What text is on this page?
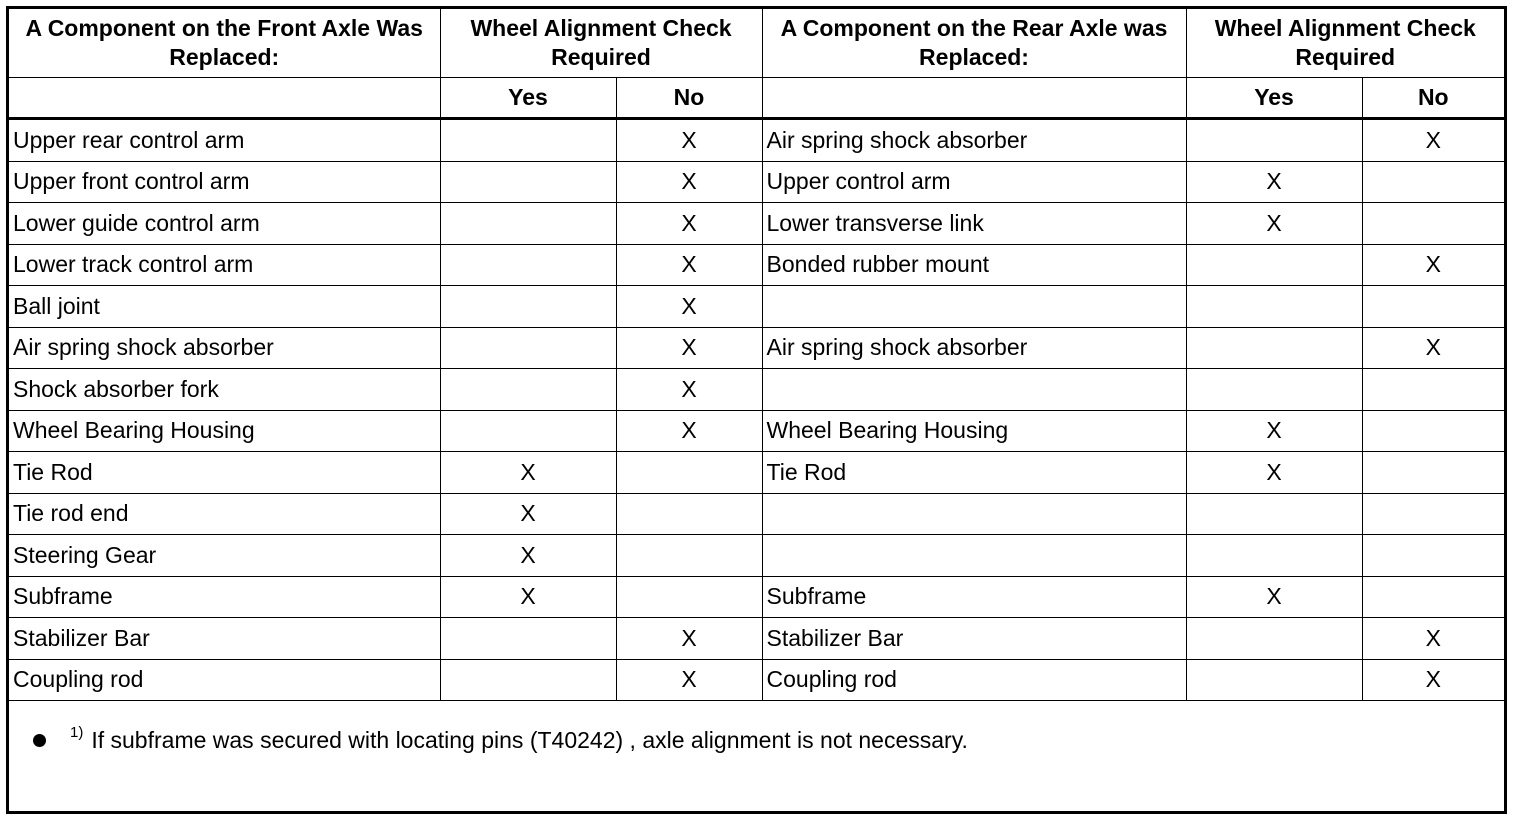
A Component on the Front Axle Was Replaced:	Wheel Alignment Check Required		A Component on the Rear Axle was Replaced:	Wheel Alignment Check Required	
	Yes	No		Yes	No
Upper rear control arm		X	Air spring shock absorber		X
Upper front control arm		X	Upper control arm	X	
Lower guide control arm		X	Lower transverse link	X	
Lower track control arm		X	Bonded rubber mount		X
Ball joint		X			
Air spring shock absorber		X	Air spring shock absorber		X
Shock absorber fork		X			
Wheel Bearing Housing		X	Wheel Bearing Housing	X	
Tie Rod	X		Tie Rod	X	
Tie rod end	X				
Steering Gear	X				
Subframe	X		Subframe	X	
Stabilizer Bar		X	Stabilizer Bar		X
Coupling rod		X	Coupling rod		X
1) If subframe was secured with locating pins (T40242) , axle alignment is not necessary.
